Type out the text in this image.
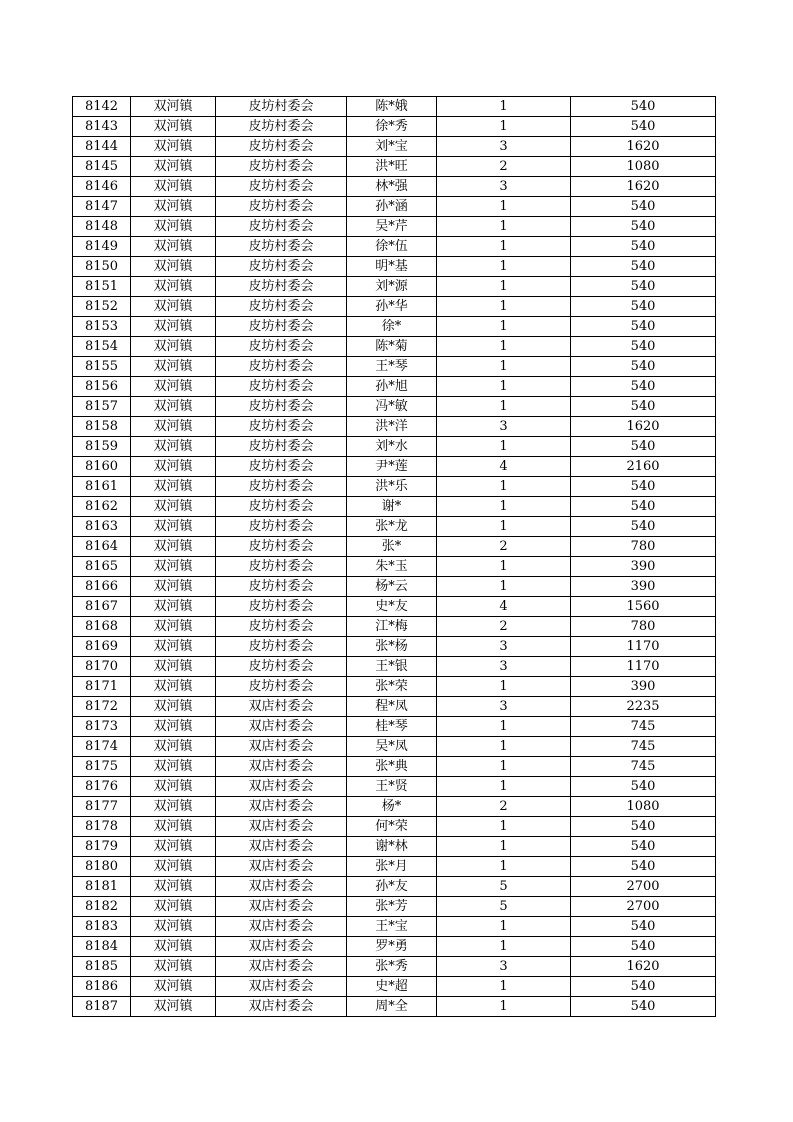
8142	双河镇	皮坊村委会	陈*娥	1	540
8143	双河镇	皮坊村委会	徐*秀	1	540
8144	双河镇	皮坊村委会	刘*宝	3	1620
8145	双河镇	皮坊村委会	洪*旺	2	1080
8146	双河镇	皮坊村委会	林*强	3	1620
8147	双河镇	皮坊村委会	孙*涵	1	540
8148	双河镇	皮坊村委会	吴*芹	1	540
8149	双河镇	皮坊村委会	徐*伍	1	540
8150	双河镇	皮坊村委会	明*基	1	540
8151	双河镇	皮坊村委会	刘*源	1	540
8152	双河镇	皮坊村委会	孙*华	1	540
8153	双河镇	皮坊村委会	徐*	1	540
8154	双河镇	皮坊村委会	陈*菊	1	540
8155	双河镇	皮坊村委会	王*琴	1	540
8156	双河镇	皮坊村委会	孙*旭	1	540
8157	双河镇	皮坊村委会	冯*敏	1	540
8158	双河镇	皮坊村委会	洪*洋	3	1620
8159	双河镇	皮坊村委会	刘*水	1	540
8160	双河镇	皮坊村委会	尹*莲	4	2160
8161	双河镇	皮坊村委会	洪*乐	1	540
8162	双河镇	皮坊村委会	谢*	1	540
8163	双河镇	皮坊村委会	张*龙	1	540
8164	双河镇	皮坊村委会	张*	2	780
8165	双河镇	皮坊村委会	朱*玉	1	390
8166	双河镇	皮坊村委会	杨*云	1	390
8167	双河镇	皮坊村委会	史*友	4	1560
8168	双河镇	皮坊村委会	江*梅	2	780
8169	双河镇	皮坊村委会	张*杨	3	1170
8170	双河镇	皮坊村委会	王*银	3	1170
8171	双河镇	皮坊村委会	张*荣	1	390
8172	双河镇	双店村委会	程*凤	3	2235
8173	双河镇	双店村委会	桂*琴	1	745
8174	双河镇	双店村委会	吴*凤	1	745
8175	双河镇	双店村委会	张*典	1	745
8176	双河镇	双店村委会	王*贤	1	540
8177	双河镇	双店村委会	杨*	2	1080
8178	双河镇	双店村委会	何*荣	1	540
8179	双河镇	双店村委会	谢*林	1	540
8180	双河镇	双店村委会	张*月	1	540
8181	双河镇	双店村委会	孙*友	5	2700
8182	双河镇	双店村委会	张*芳	5	2700
8183	双河镇	双店村委会	王*宝	1	540
8184	双河镇	双店村委会	罗*勇	1	540
8185	双河镇	双店村委会	张*秀	3	1620
8186	双河镇	双店村委会	史*超	1	540
8187	双河镇	双店村委会	周*全	1	540
